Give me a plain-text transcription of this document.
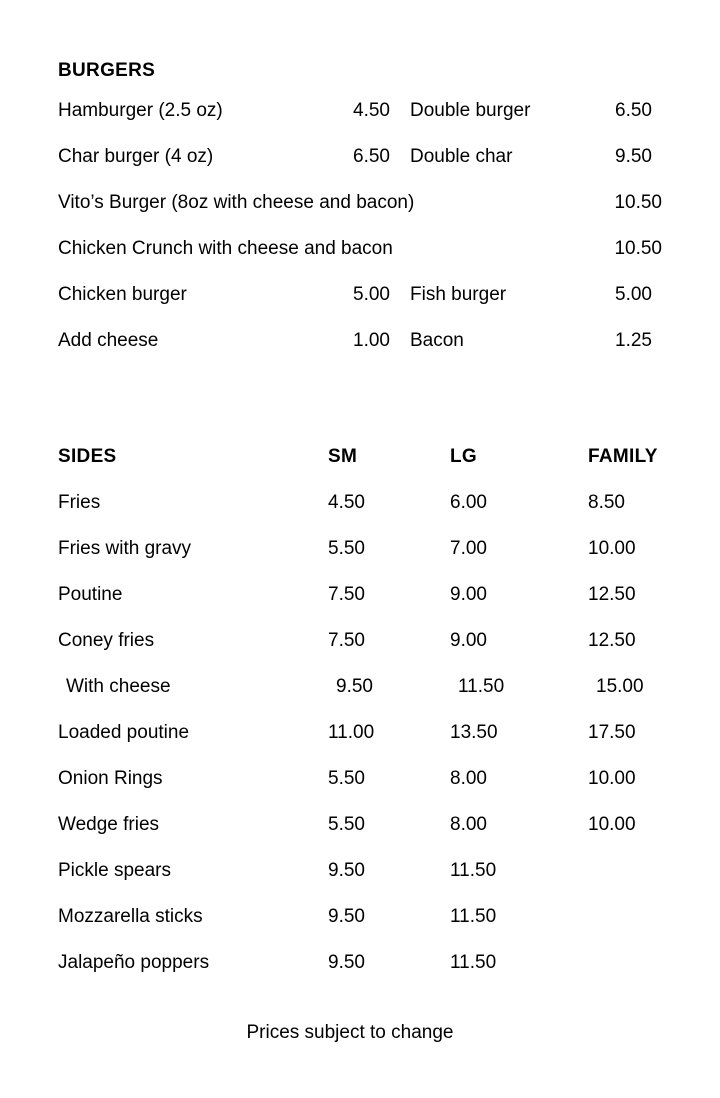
BURGERS
Hamburger (2.5 oz)	4.50	Double burger	6.50
Char burger (4 oz)	6.50	Double char	9.50
Vito’s Burger (8oz with cheese and bacon)	10.50
Chicken Crunch with cheese and bacon	10.50
Chicken burger	5.00	Fish burger	5.00
Add cheese	1.00	Bacon	1.25
SIDES	SM	LG	FAMILY
Fries	4.50	6.00	8.50
Fries with gravy	5.50	7.00	10.00
Poutine	7.50	9.00	12.50
Coney fries	7.50	9.00	12.50
With cheese	9.50	11.50	15.00
Loaded poutine	11.00	13.50	17.50
Onion Rings	5.50	8.00	10.00
Wedge fries	5.50	8.00	10.00
Pickle spears	9.50	11.50
Mozzarella sticks	9.50	11.50
Jalapeño poppers	9.50	11.50
Prices subject to change
